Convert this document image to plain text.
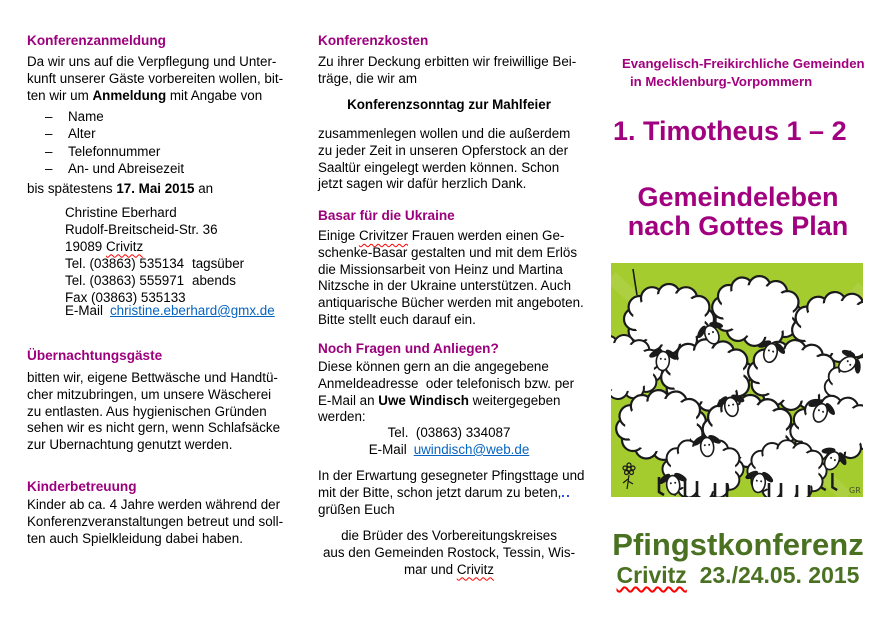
Konferenzanmeldung
Da wir uns auf die Verpflegung und Unter-
kunft unserer Gäste vorbereiten wollen, bit-
ten wir um Anmeldung mit Angabe von
– Name
– Alter
– Telefonnummer
– An- und Abreisezeit
bis spätestens 17. Mai 2015 an
Christine Eberhard
Rudolf-Breitscheid-Str. 36
19089 Crivitz
Tel. (03863) 535134 tagsüber
Tel. (03863) 555971 abends
Fax (03863) 535133
E-Mail christine.eberhard@gmx.de
Übernachtungsgäste
bitten wir, eigene Bettwäsche und Handtü-
cher mitzubringen, um unsere Wäscherei
zu entlasten. Aus hygienischen Gründen
sehen wir es nicht gern, wenn Schlafsäcke
zur Ubernachtung genutzt werden.
Kinderbetreuung
Kinder ab ca. 4 Jahre werden während der
Konferenzveranstaltungen betreut und soll-
ten auch Spielkleidung dabei haben.
Konferenzkosten
Zu ihrer Deckung erbitten wir freiwillige Bei-
träge, die wir am
Konferenzsonntag zur Mahlfeier
zusammenlegen wollen und die außerdem
zu jeder Zeit in unseren Opferstock an der
Saaltür eingelegt werden können. Schon
jetzt sagen wir dafür herzlich Dank.
Basar für die Ukraine
Einige Crivitzer Frauen werden einen Ge-
schenke-Basar gestalten und mit dem Erlös
die Missionsarbeit von Heinz und Martina
Nitzsche in der Ukraine unterstützen. Auch
antiquarische Bücher werden mit angeboten.
Bitte stellt euch darauf ein.
Noch Fragen und Anliegen?
Diese können gern an die angegebene
Anmeldeadresse  oder telefonisch bzw. per
E-Mail an Uwe Windisch weitergegeben
werden:
Tel.  (03863) 334087
E-Mail uwindisch@web.de
In der Erwartung gesegneter Pfingsttage und
mit der Bitte, schon jetzt darum zu beten,
grüßen Euch
die Brüder des Vorbereitungskreises
aus den Gemeinden Rostock, Tessin, Wis-
mar und Crivitz
Evangelisch-Freikirchliche Gemeinden
in Mecklenburg-Vorpommern
1. Timotheus 1 – 2
Gemeindeleben
nach Gottes Plan
GR
Pfingstkonferenz
Crivitz  23./24.05. 2015
